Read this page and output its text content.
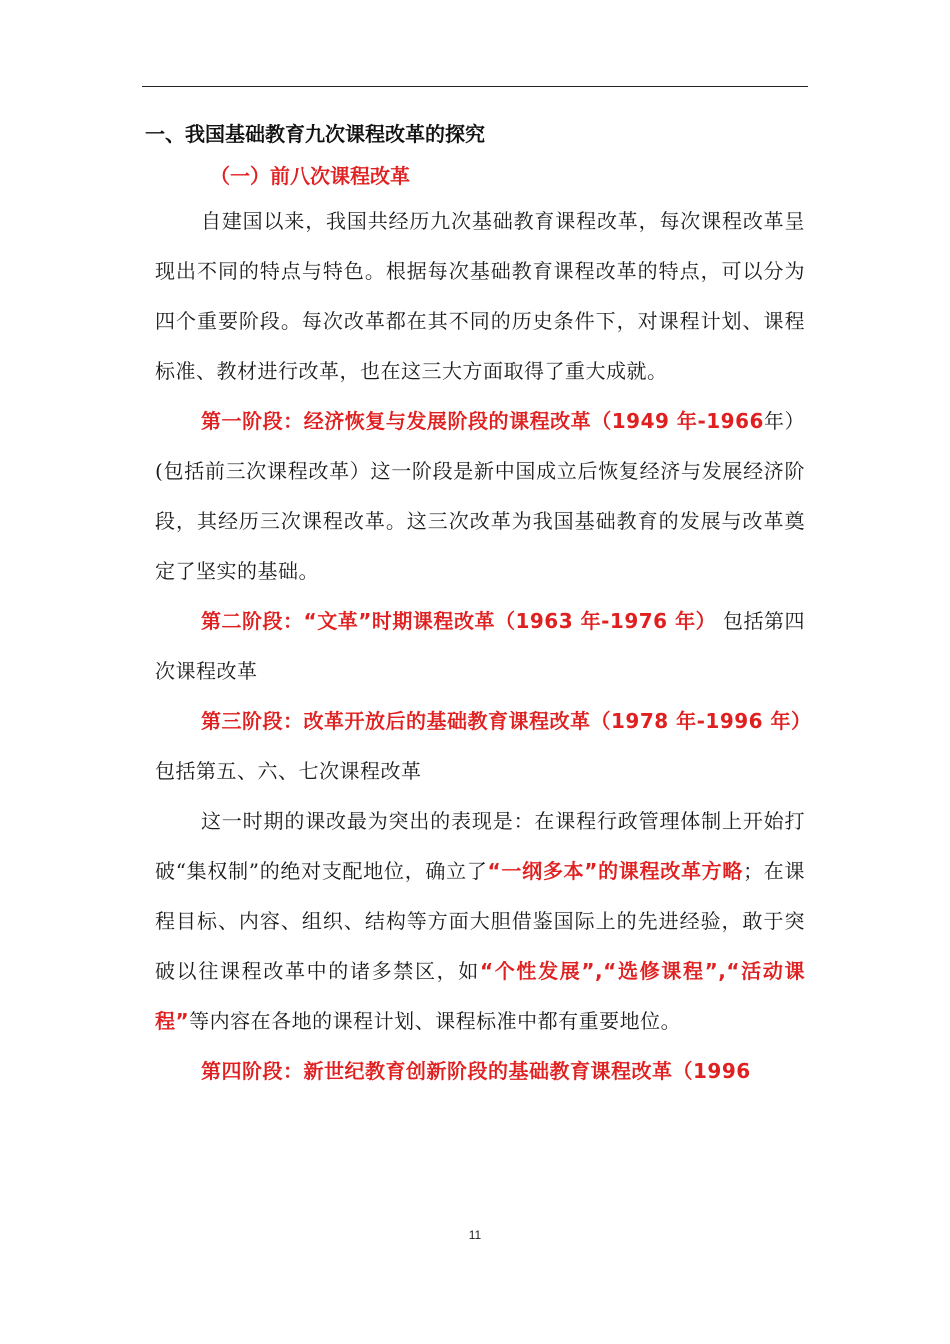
一、我国基础教育九次课程改革的探究
（一）前八次课程改革

自建国以来，我国共经历九次基础教育课程改革，每次课程改革呈现出不同的特点与特色。根据每次基础教育课程改革的特点，可以分为四个重要阶段。每次改革都在其不同的历史条件下，对课程计划、课程标准、教材进行改革，也在这三大方面取得了重大成就。

第一阶段：经济恢复与发展阶段的课程改革（1949 年-1966年）(包括前三次课程改革）这一阶段是新中国成立后恢复经济与发展经济阶段，其经历三次课程改革。这三次改革为我国基础教育的发展与改革奠定了坚实的基础。

第二阶段：“文革”时期课程改革（1963 年-1976 年） 包括第四次课程改革

第三阶段：改革开放后的基础教育课程改革（1978 年-1996 年）包括第五、六、七次课程改革

这一时期的课改最为突出的表现是：在课程行政管理体制上开始打破“集权制”的绝对支配地位，确立了“一纲多本”的课程改革方略；在课程目标、内容、组织、结构等方面大胆借鉴国际上的先进经验，敢于突破以往课程改革中的诸多禁区，如“个性发展”,“选修课程”,“活动课程”等内容在各地的课程计划、课程标准中都有重要地位。

第四阶段：新世纪教育创新阶段的基础教育课程改革（1996

11
